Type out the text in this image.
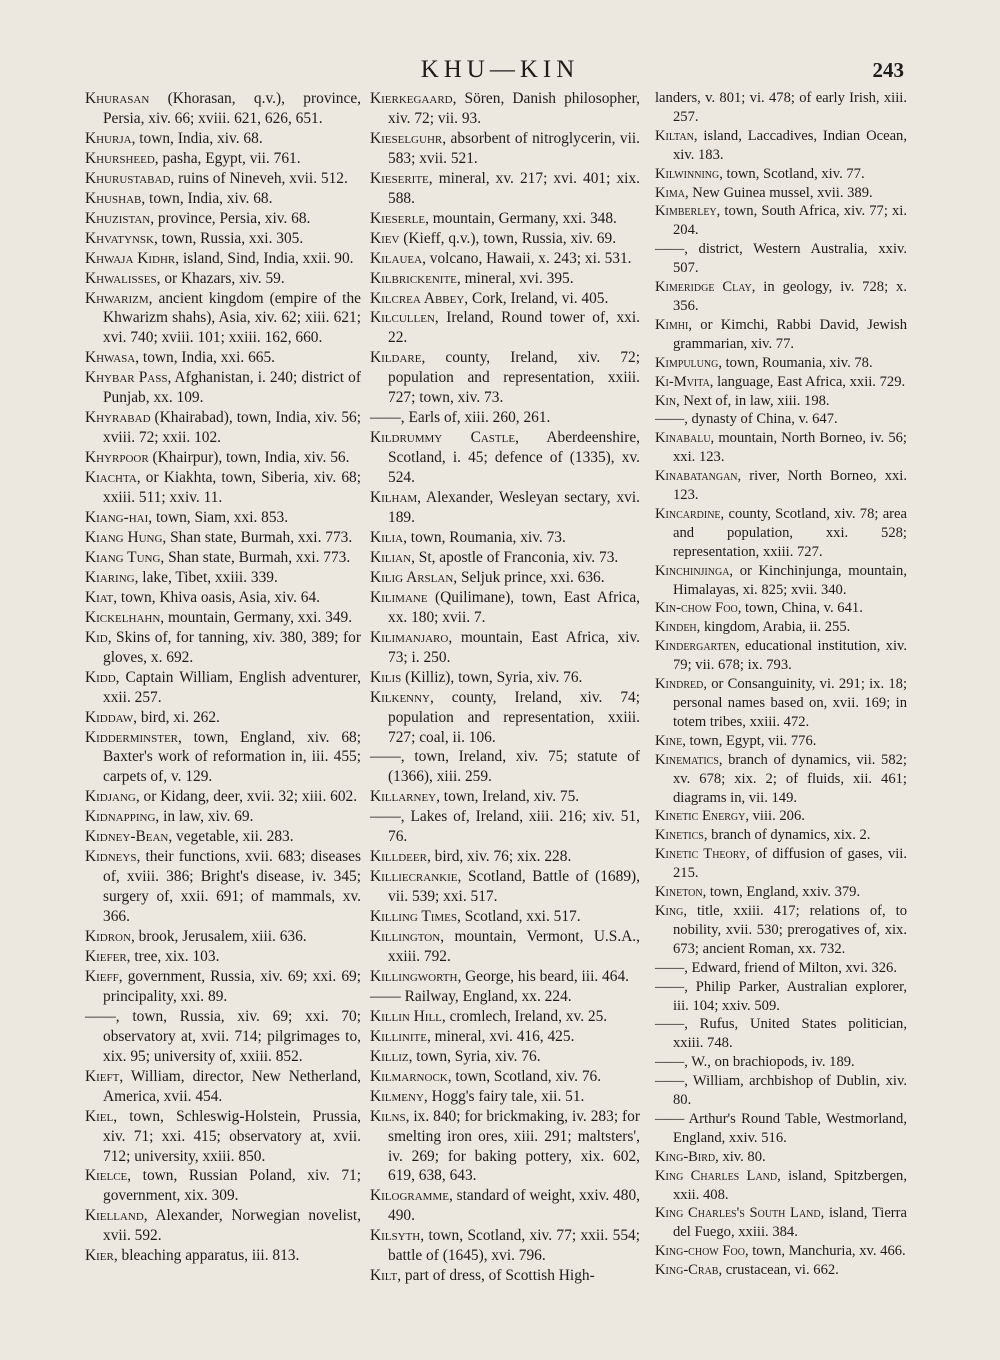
KHU—KIN	243

Khurasan (Khorasan, q.v.), province, Persia, xiv. 66; xviii. 621, 626, 651.

Khurja, town, India, xiv. 68.

Khursheed, pasha, Egypt, vii. 761.

Khurustabad, ruins of Nineveh, xvii. 512.

Khushab, town, India, xiv. 68.

Khuzistan, province, Persia, xiv. 68.

Khvatynsk, town, Russia, xxi. 305.

Khwaja Kidhr, island, Sind, India, xxii. 90.

Khwalisses, or Khazars, xiv. 59.

Khwarizm, ancient kingdom (empire of the Khwarizm shahs), Asia, xiv. 62; xiii. 621; xvi. 740; xviii. 101; xxiii. 162, 660.

Khwasa, town, India, xxi. 665.

Khybar Pass, Afghanistan, i. 240; district of Punjab, xx. 109.

Khyrabad (Khairabad), town, India, xiv. 56; xviii. 72; xxii. 102.

Khyrpoor (Khairpur), town, India, xiv. 56.

Kiachta, or Kiakhta, town, Siberia, xiv. 68; xxiii. 511; xxiv. 11.

Kiang-hai, town, Siam, xxi. 853.

Kiang Hung, Shan state, Burmah, xxi. 773.

Kiang Tung, Shan state, Burmah, xxi. 773.

Kiaring, lake, Tibet, xxiii. 339.

Kiat, town, Khiva oasis, Asia, xiv. 64.

Kickelhahn, mountain, Germany, xxi. 349.

Kid, Skins of, for tanning, xiv. 380, 389; for gloves, x. 692.

Kidd, Captain William, English adventurer, xxii. 257.

Kiddaw, bird, xi. 262.

Kidderminster, town, England, xiv. 68; Baxter's work of reformation in, iii. 455; carpets of, v. 129.

Kidjang, or Kidang, deer, xvii. 32; xiii. 602.

Kidnapping, in law, xiv. 69.

Kidney-Bean, vegetable, xii. 283.

Kidneys, their functions, xvii. 683; diseases of, xviii. 386; Bright's disease, iv. 345; surgery of, xxii. 691; of mammals, xv. 366.

Kidron, brook, Jerusalem, xiii. 636.

Kiefer, tree, xix. 103.

Kieff, government, Russia, xiv. 69; xxi. 69; principality, xxi. 89.

——, town, Russia, xiv. 69; xxi. 70; observatory at, xvii. 714; pilgrimages to, xix. 95; university of, xxiii. 852.

Kieft, William, director, New Netherland, America, xvii. 454.

Kiel, town, Schleswig-Holstein, Prussia, xiv. 71; xxi. 415; observatory at, xvii. 712; university, xxiii. 850.

Kielce, town, Russian Poland, xiv. 71; government, xix. 309.

Kielland, Alexander, Norwegian novelist, xvii. 592.

Kier, bleaching apparatus, iii. 813.

Kierkegaard, Sören, Danish philosopher, xiv. 72; vii. 93.

Kieselguhr, absorbent of nitroglycerin, vii. 583; xvii. 521.

Kieserite, mineral, xv. 217; xvi. 401; xix. 588.

Kieserle, mountain, Germany, xxi. 348.

Kiev (Kieff, q.v.), town, Russia, xiv. 69.

Kilauea, volcano, Hawaii, x. 243; xi. 531.

Kilbrickenite, mineral, xvi. 395.

Kilcrea Abbey, Cork, Ireland, vi. 405.

Kilcullen, Ireland, Round tower of, xxi. 22.

Kildare, county, Ireland, xiv. 72; population and representation, xxiii. 727; town, xiv. 73.

——, Earls of, xiii. 260, 261.

Kildrummy Castle, Aberdeenshire, Scotland, i. 45; defence of (1335), xv. 524.

Kilham, Alexander, Wesleyan sectary, xvi. 189.

Kilia, town, Roumania, xiv. 73.

Kilian, St, apostle of Franconia, xiv. 73.

Kilig Arslan, Seljuk prince, xxi. 636.

Kilimane (Quilimane), town, East Africa, xx. 180; xvii. 7.

Kilimanjaro, mountain, East Africa, xiv. 73; i. 250.

Kilis (Killiz), town, Syria, xiv. 76.

Kilkenny, county, Ireland, xiv. 74; population and representation, xxiii. 727; coal, ii. 106.

——, town, Ireland, xiv. 75; statute of (1366), xiii. 259.

Killarney, town, Ireland, xiv. 75.

——, Lakes of, Ireland, xiii. 216; xiv. 51, 76.

Killdeer, bird, xiv. 76; xix. 228.

Killiecrankie, Scotland, Battle of (1689), vii. 539; xxi. 517.

Killing Times, Scotland, xxi. 517.

Killington, mountain, Vermont, U.S.A., xxiii. 792.

Killingworth, George, his beard, iii. 464.

—— Railway, England, xx. 224.

Killin Hill, cromlech, Ireland, xv. 25.

Killinite, mineral, xvi. 416, 425.

Killiz, town, Syria, xiv. 76.

Kilmarnock, town, Scotland, xiv. 76.

Kilmeny, Hogg's fairy tale, xii. 51.

Kilns, ix. 840; for brickmaking, iv. 283; for smelting iron ores, xiii. 291; maltsters', iv. 269; for baking pottery, xix. 602, 619, 638, 643.

Kilogramme, standard of weight, xxiv. 480, 490.

Kilsyth, town, Scotland, xiv. 77; xxii. 554; battle of (1645), xvi. 796.

Kilt, part of dress, of Scottish High-

landers, v. 801; vi. 478; of early Irish, xiii. 257.

Kiltan, island, Laccadives, Indian Ocean, xiv. 183.

Kilwinning, town, Scotland, xiv. 77.

Kima, New Guinea mussel, xvii. 389.

Kimberley, town, South Africa, xiv. 77; xi. 204.

——, district, Western Australia, xxiv. 507.

Kimeridge Clay, in geology, iv. 728; x. 356.

Kimhi, or Kimchi, Rabbi David, Jewish grammarian, xiv. 77.

Kimpulung, town, Roumania, xiv. 78.

Ki-Mvita, language, East Africa, xxii. 729.

Kin, Next of, in law, xiii. 198.

——, dynasty of China, v. 647.

Kinabalu, mountain, North Borneo, iv. 56; xxi. 123.

Kinabatangan, river, North Borneo, xxi. 123.

Kincardine, county, Scotland, xiv. 78; area and population, xxi. 528; representation, xxiii. 727.

Kinchinjinga, or Kinchinjunga, mountain, Himalayas, xi. 825; xvii. 340.

Kin-chow Foo, town, China, v. 641.

Kindeh, kingdom, Arabia, ii. 255.

Kindergarten, educational institution, xiv. 79; vii. 678; ix. 793.

Kindred, or Consanguinity, vi. 291; ix. 18; personal names based on, xvii. 169; in totem tribes, xxiii. 472.

Kine, town, Egypt, vii. 776.

Kinematics, branch of dynamics, vii. 582; xv. 678; xix. 2; of fluids, xii. 461; diagrams in, vii. 149.

Kinetic Energy, viii. 206.

Kinetics, branch of dynamics, xix. 2.

Kinetic Theory, of diffusion of gases, vii. 215.

Kineton, town, England, xxiv. 379.

King, title, xxiii. 417; relations of, to nobility, xvii. 530; prerogatives of, xix. 673; ancient Roman, xx. 732.

——, Edward, friend of Milton, xvi. 326.

——, Philip Parker, Australian explorer, iii. 104; xxiv. 509.

——, Rufus, United States politician, xxiii. 748.

——, W., on brachiopods, iv. 189.

——, William, archbishop of Dublin, xiv. 80.

—— Arthur's Round Table, Westmorland, England, xxiv. 516.

King-Bird, xiv. 80.

King Charles Land, island, Spitzbergen, xxii. 408.

King Charles's South Land, island, Tierra del Fuego, xxiii. 384.

King-chow Foo, town, Manchuria, xv. 466.

King-Crab, crustacean, vi. 662.
